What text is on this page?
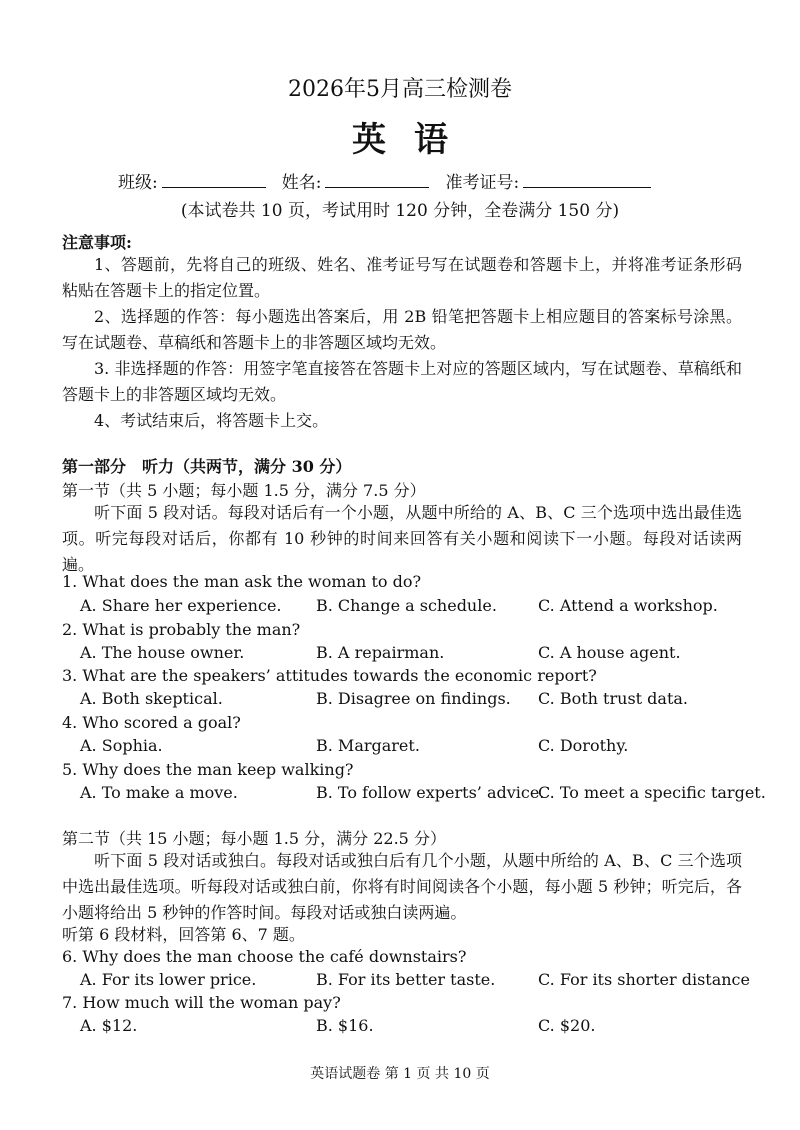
2026年5月高三检测卷
英语
班级:	姓名:	准考证号:
(本试卷共 10 页，考试用时 120 分钟，全卷满分 150 分)
注意事项:
1、答题前，先将自己的班级、姓名、准考证号写在试题卷和答题卡上，并将准考证条形码粘贴在答题卡上的指定位置。
2、选择题的作答：每小题选出答案后，用 2B 铅笔把答题卡上相应题目的答案标号涂黑。写在试题卷、草稿纸和答题卡上的非答题区域均无效。
3. 非选择题的作答：用签字笔直接答在答题卡上对应的答题区域内，写在试题卷、草稿纸和答题卡上的非答题区域均无效。
4、考试结束后，将答题卡上交。
第一部分　听力（共两节，满分 30 分）
第一节（共 5 小题；每小题 1.5 分，满分 7.5 分）
听下面 5 段对话。每段对话后有一个小题，从题中所给的 A、B、C 三个选项中选出最佳选项。听完每段对话后，你都有 10 秒钟的时间来回答有关小题和阅读下一小题。每段对话读两遍。
1. What does the man ask the woman to do?
A. Share her experience. B. Change a schedule.	C. Attend a workshop.
2. What is probably the man?
A. The house owner.	B. A repairman.	C. A house agent.
3. What are the speakers’ attitudes towards the economic report?
A. Both skeptical.	B. Disagree on findings. C. Both trust data.
4. Who scored a goal?
A. Sophia.	B. Margaret.	C. Dorothy.
5. Why does the man keep walking?
A. To make a move.	B. To follow experts’ advice.
C. To meet a specific target.
第二节（共 15 小题；每小题 1.5 分，满分 22.5 分）
听下面 5 段对话或独白。每段对话或独白后有几个小题，从题中所给的 A、B、C 三个选项中选出最佳选项。听每段对话或独白前，你将有时间阅读各个小题，每小题 5 秒钟；听完后，各小题将给出 5 秒钟的作答时间。每段对话或独白读两遍。
听第 6 段材料，回答第 6、7 题。
6. Why does the man choose the café downstairs?
A. For its lower price.	B. For its better taste.	C. For its shorter distance
7. How much will the woman pay?
A. $12.	B. $16.	C. $20.
英语试题卷 第 1 页 共 10 页
